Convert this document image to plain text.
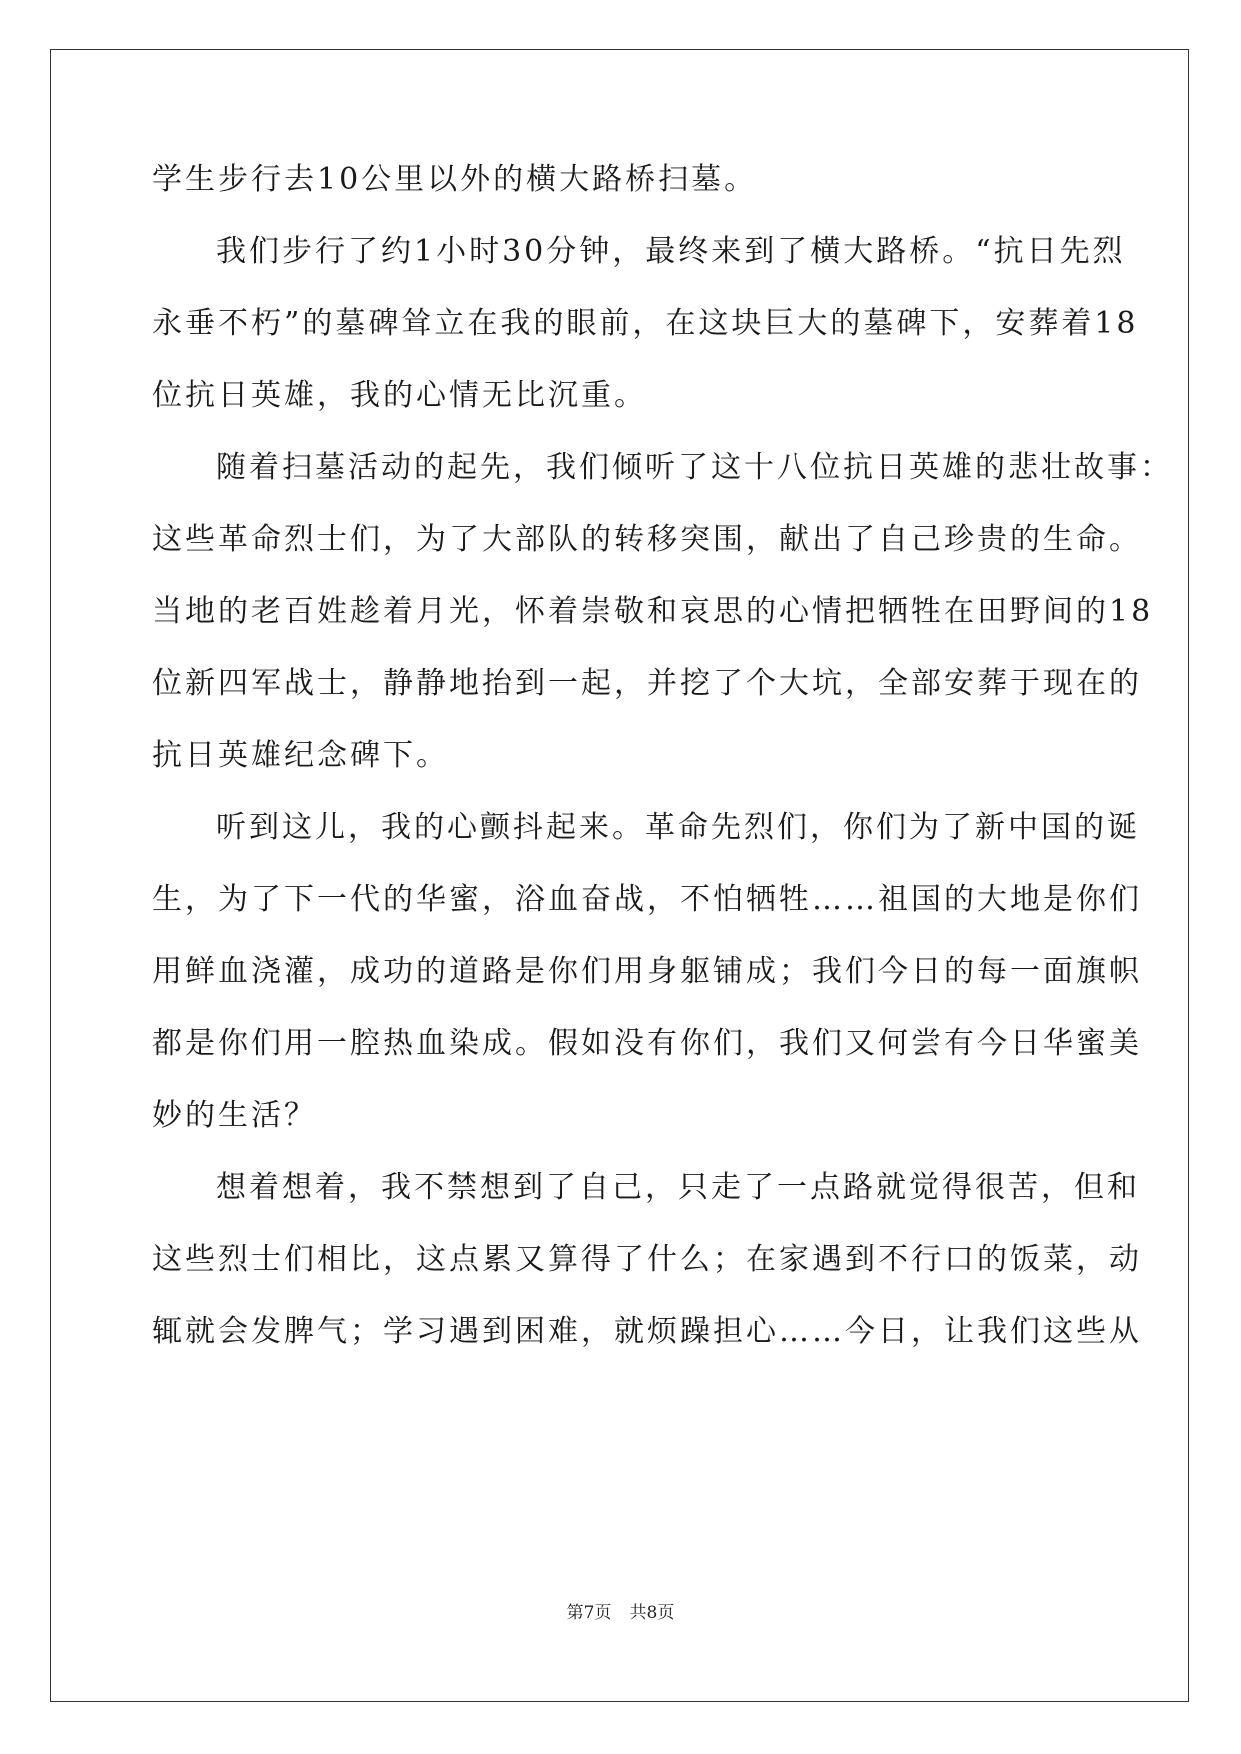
学生步行去10公里以外的横大路桥扫墓。
我们步行了约1小时30分钟，最终来到了横大路桥。“抗日先烈
永垂不朽”的墓碑耸立在我的眼前，在这块巨大的墓碑下，安葬着18
位抗日英雄，我的心情无比沉重。
随着扫墓活动的起先，我们倾听了这十八位抗日英雄的悲壮故事：
这些革命烈士们，为了大部队的转移突围，献出了自己珍贵的生命。
当地的老百姓趁着月光，怀着崇敬和哀思的心情把牺牲在田野间的18
位新四军战士，静静地抬到一起，并挖了个大坑，全部安葬于现在的
抗日英雄纪念碑下。
听到这儿，我的心颤抖起来。革命先烈们，你们为了新中国的诞
生，为了下一代的华蜜，浴血奋战，不怕牺牲……祖国的大地是你们
用鲜血浇灌，成功的道路是你们用身躯铺成；我们今日的每一面旗帜
都是你们用一腔热血染成。假如没有你们，我们又何尝有今日华蜜美
妙的生活？
想着想着，我不禁想到了自己，只走了一点路就觉得很苦，但和
这些烈士们相比，这点累又算得了什么；在家遇到不行口的饭菜，动
辄就会发脾气；学习遇到困难，就烦躁担心……今日，让我们这些从
第7页 共8页
